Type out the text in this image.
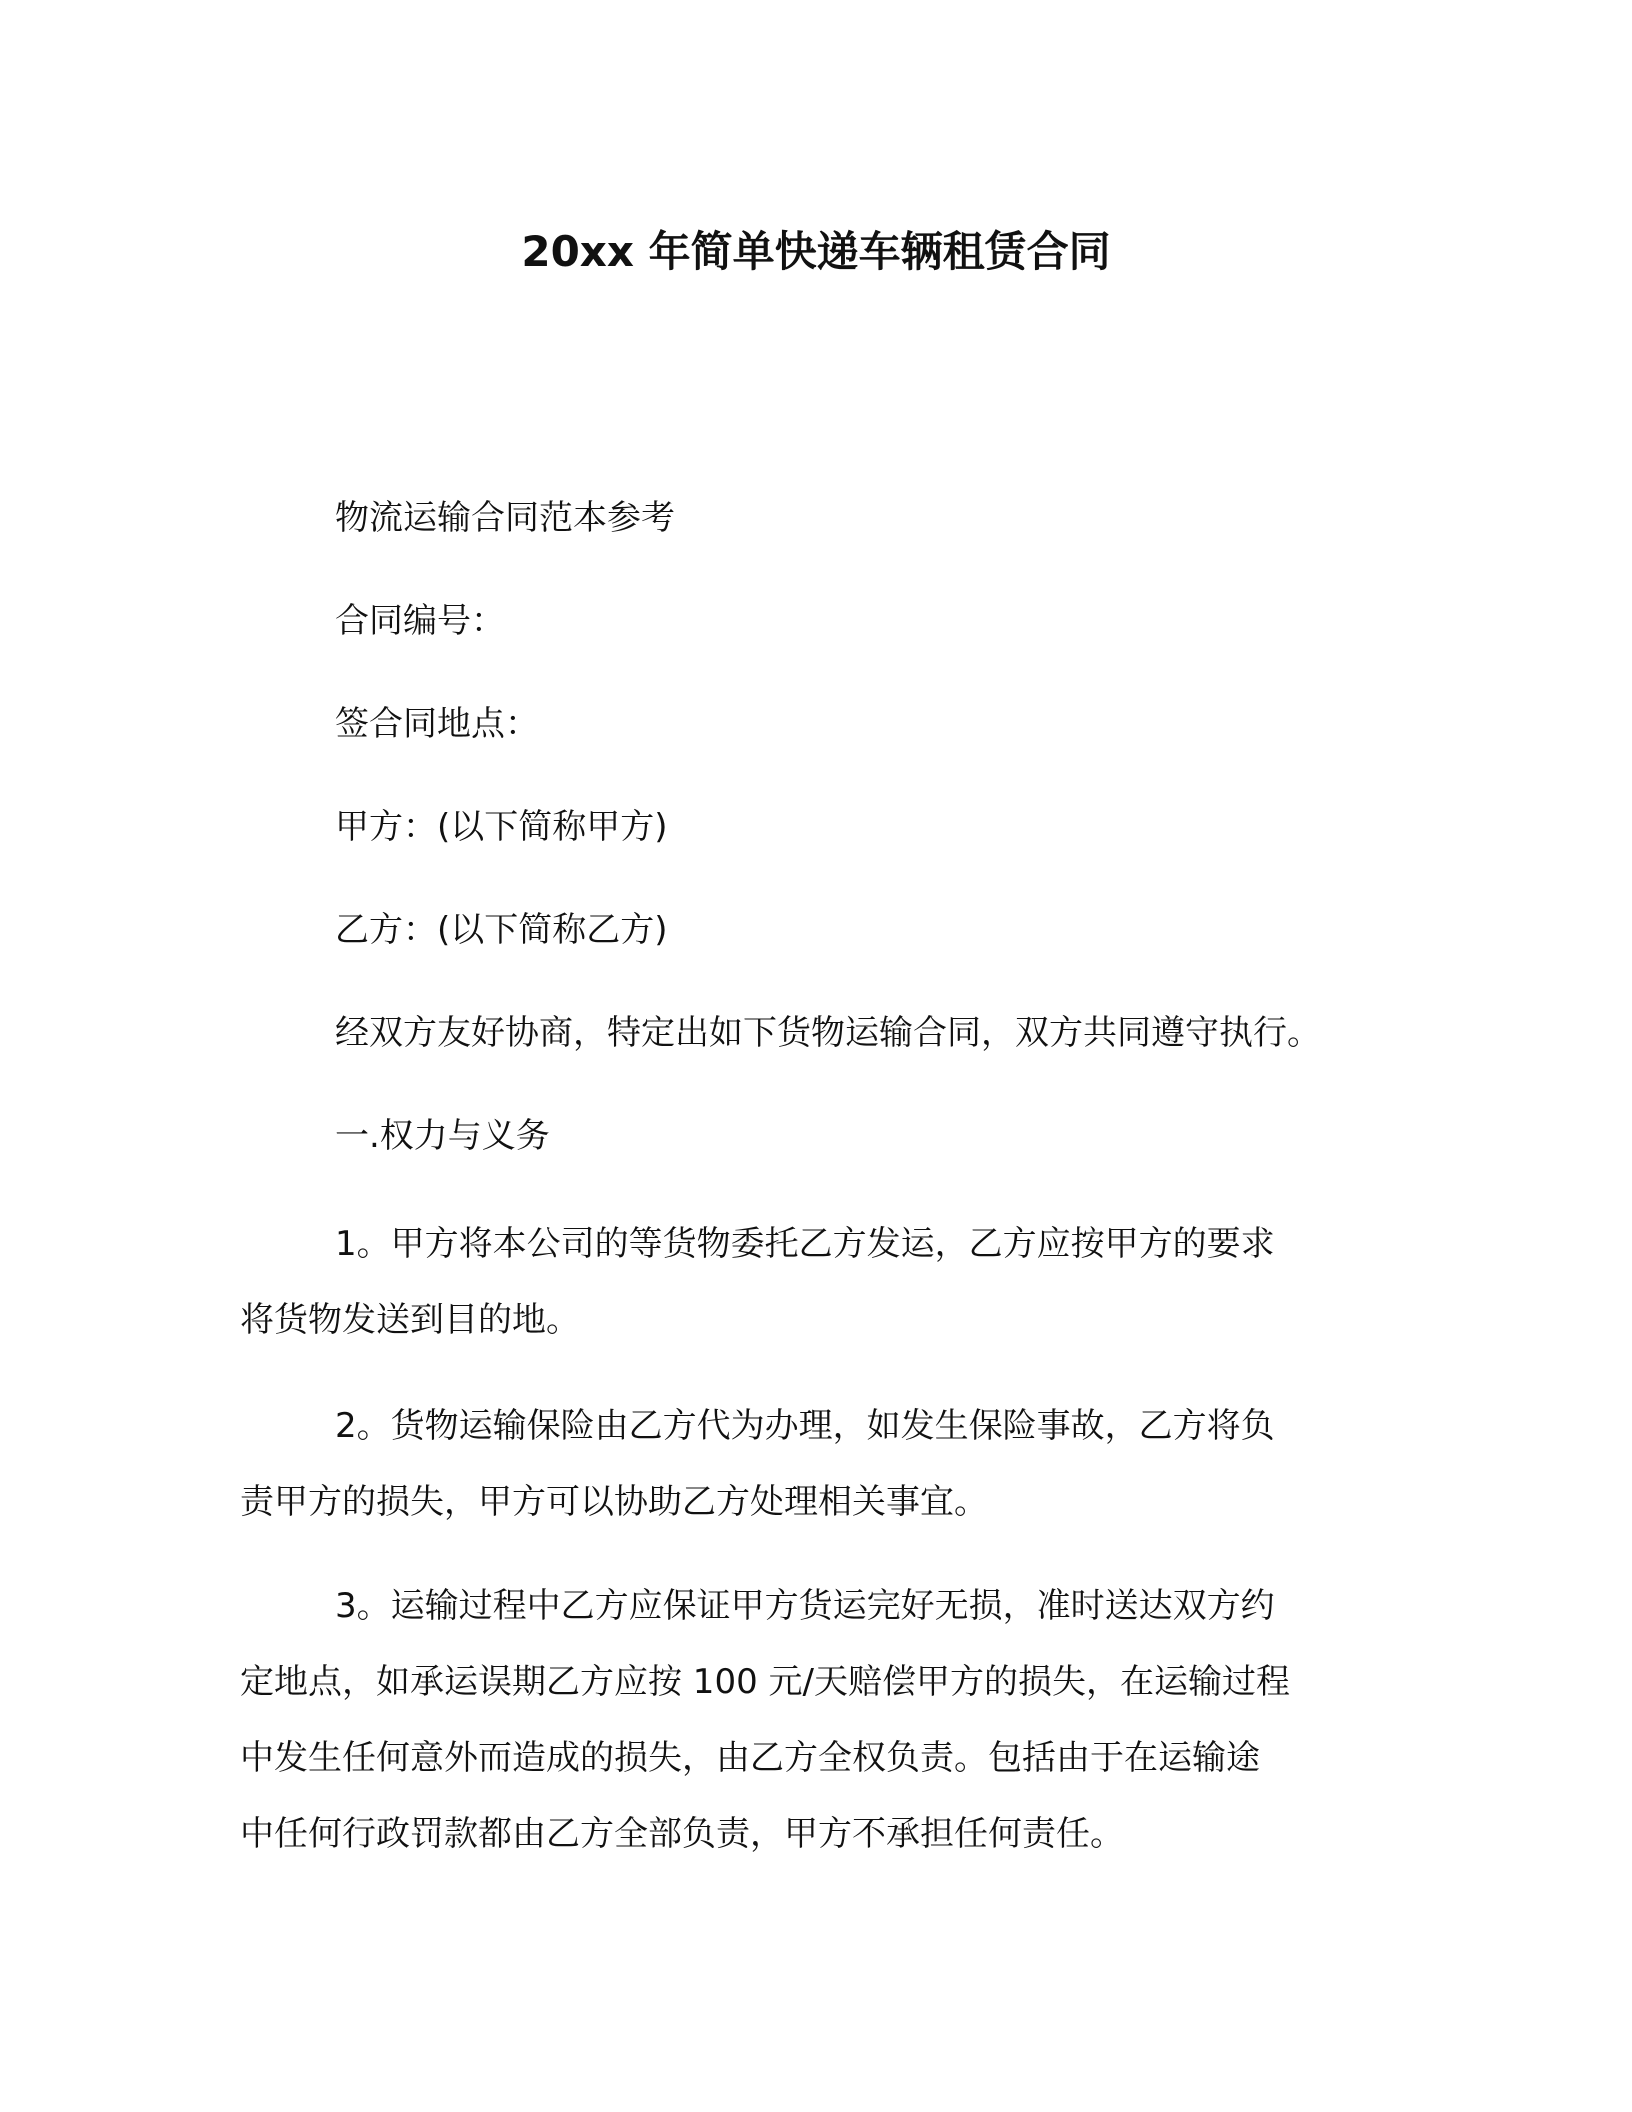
20xx 年简单快递车辆租赁合同
物流运输合同范本参考
合同编号：
签合同地点：
甲方：(以下简称甲方)
乙方：(以下简称乙方)
经双方友好协商，特定出如下货物运输合同，双方共同遵守执行。
一.权力与义务
1。甲方将本公司的等货物委托乙方发运，乙方应按甲方的要求
将货物发送到目的地。
2。货物运输保险由乙方代为办理，如发生保险事故，乙方将负
责甲方的损失，甲方可以协助乙方处理相关事宜。
3。运输过程中乙方应保证甲方货运完好无损，准时送达双方约
定地点，如承运误期乙方应按 100 元/天赔偿甲方的损失，在运输过程
中发生任何意外而造成的损失，由乙方全权负责。包括由于在运输途
中任何行政罚款都由乙方全部负责，甲方不承担任何责任。
